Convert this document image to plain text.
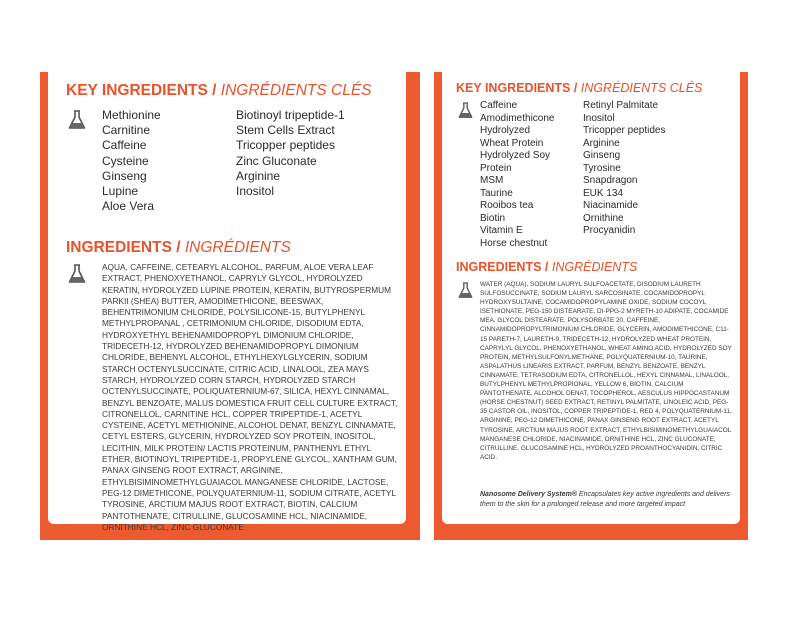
KEY INGREDIENTS / INGRÉDIENTS CLÉS
Methionine
Carnitine
Caffeine
Cysteine
Ginseng
Lupine
Aloe Vera
Biotinoyl tripeptide-1
Stem Cells Extract
Tricopper peptides
Zinc Gluconate
Arginine
Inositol
INGREDIENTS / INGRÉDIENTS
AQUA, CAFFEINE, CETEARYL ALCOHOL, PARFUM, ALOE VERA LEAF EXTRACT, PHENOXYETHANOL, CAPRYLY GLYCOL, HYDROLYZED KERATIN, HYDROLYZED LUPINE PROTEIN, KERATIN, BUTYROSPERMUM PARKII (SHEA) BUTTER, AMODIMETHICONE, BEESWAX, BEHENTRIMONIUM CHLORIDE, POLYSILICONE-15, BUTYLPHENYL METHYLPROPANAL , CETRIMONIUM CHLORIDE, DISODIUM EDTA, HYDROXYETHYL BEHENAMIDOPROPYL DIMONIUM CHLORIDE, TRIDECETH-12, HYDROLYZED BEHENAMIDOPROPYL DIMONIUM CHLORIDE, BEHENYL ALCOHOL, ETHYLHEXYLGLYCERIN, SODIUM STARCH OCTENYLSUCCINATE, CITRIC ACID, LINALOOL, ZEA MAYS STARCH, HYDROLYZED CORN STARCH, HYDROLYZED STARCH OCTENYLSUCCINATE, POLIQUATERNIUM-67, SILICA, HEXYL CINNAMAL, BENZYL BENZOATE, MALUS DOMESTICA FRUIT CELL CULTURE EXTRACT, CITRONELLOL, CARNITINE HCL, COPPER TRIPEPTIDE-1, ACETYL CYSTEINE, ACETYL METHIONINE, ALCOHOL DENAT, BENZYL CINNAMATE, CETYL ESTERS, GLYCERIN, HYDROLYZED SOY PROTEIN, INOSITOL, LECITHIN, MILK PROTEIN/ LACTIS PROTEINUM, PANTHENYL ETHYL ETHER, BIOTINOYL TRIPEPTIDE-1, PROPYLENE GLYCOL, XANTHAM GUM, PANAX GINSENG ROOT EXTRACT, ARGININE, ETHYLBISIMINOMETHYLGUAIACOL MANGANESE CHLORIDE, LACTOSE, PEG-12 DIMETHICONE, POLYQUATERNIUM-11, SODIUM CITRATE, ACETYL TYROSINE, ARCTIUM MAJUS ROOT EXTRACT, BIOTIN, CALCIUM PANTOTHENATE, CITRULLINE, GLUCOSAMINE HCL, NIACINAMIDE, ORNITHINE HCL, ZINC GLUCONATE
KEY INGREDIENTS / INGRÉDIENTS CLÉS
Caffeine
Amodimethicone
Hydrolyzed
Wheat Protein
Hydrolyzed Soy
Protein
MSM
Taurine
Rooibos tea
Biotin
Vitamin E
Horse chestnut
Retinyl Palmitate
Inositol
Tricopper peptides
Arginine
Ginseng
Tyrosine
Snapdragon
EUK 134
Niacinamide
Ornithine
Procyanidin
INGREDIENTS / INGRÉDIENTS
WATER (AQUA), SODIUM LAURYL SULFOACETATE, DISODIUM LAURETH SULFOSUCCINATE, SODIUM LAURYL SARCOSINATE, COCAMIDOPROPYL HYDROXYSULTAINE, COCAMIDOPROPYLAMINE OXIDE, SODIUM COCOYL ISETHIONATE, PEG-150 DISTEARATE, DI-PPG-2 MYRETH-10 ADIPATE, COCAMIDE MEA, GLYCOL DISTEARATE, POLYSORBATE 20, CAFFEINE, CINNAMIDOPROPYLTRIMONIUM CHLORIDE, GLYCERIN, AMODIMETHICONE, C11-15 PARETH-7, LAURETH-9, TRIDECETH-12, HYDROLYZED WHEAT PROTEIN, CAPRYLYL GLYCOL, PHENOXYETHANOL, WHEAT AMINO ACID, HYDROLYZED SOY PROTEIN, METHYLSULFONYLMETHANE, POLYQUATERNIUM-10, TAURINE, ASPALATHUS LINEARIS EXTRACT, PARFUM, BENZYL BENZOATE, BENZYL CINNAMATE, TETRASODIUM EDTA, CITRONELLOL, HEXYL CINNAMAL, LINALOOL, BUTYLPHENYL METHYLPROPIONAL, YELLOW 6, BIOTIN, CALCIUM PANTOTHENATE, ALCOHOL DENAT, TOCOPHEROL, AESCULUS HIPPOCASTANUM (HORSE CHESTNUT) SEED EXTRACT, RETINYL PALMITATE, LINOLEIC ACID, PEG-35 CASTOR OIL, INOSITOL, COPPER TRIPEPTIDE-1, RED 4, POLYQUATERNIUM-11, ARGININE, PEG-12 DIMETHICONE, PANAX GINSENG ROOT EXTRACT, ACETYL TYROSINE, ARCTIUM MAJUS ROOT EXTRACT, ETHYLBISIMINOMETHYLGUAIACOL MANGANESE CHLORIDE, NIACINAMIDE, ORNITHINE HCL, ZINC GLUCONATE, CITRULLINE, GLUCOSAMINE HCL, HYDROLYZED PROANTHOCYANIDIN, CITRIC ACID.
Nanosome Delivery System® Encapsulates key active ingredients and delivers them to the skin for a prolonged release and more targeted impact
